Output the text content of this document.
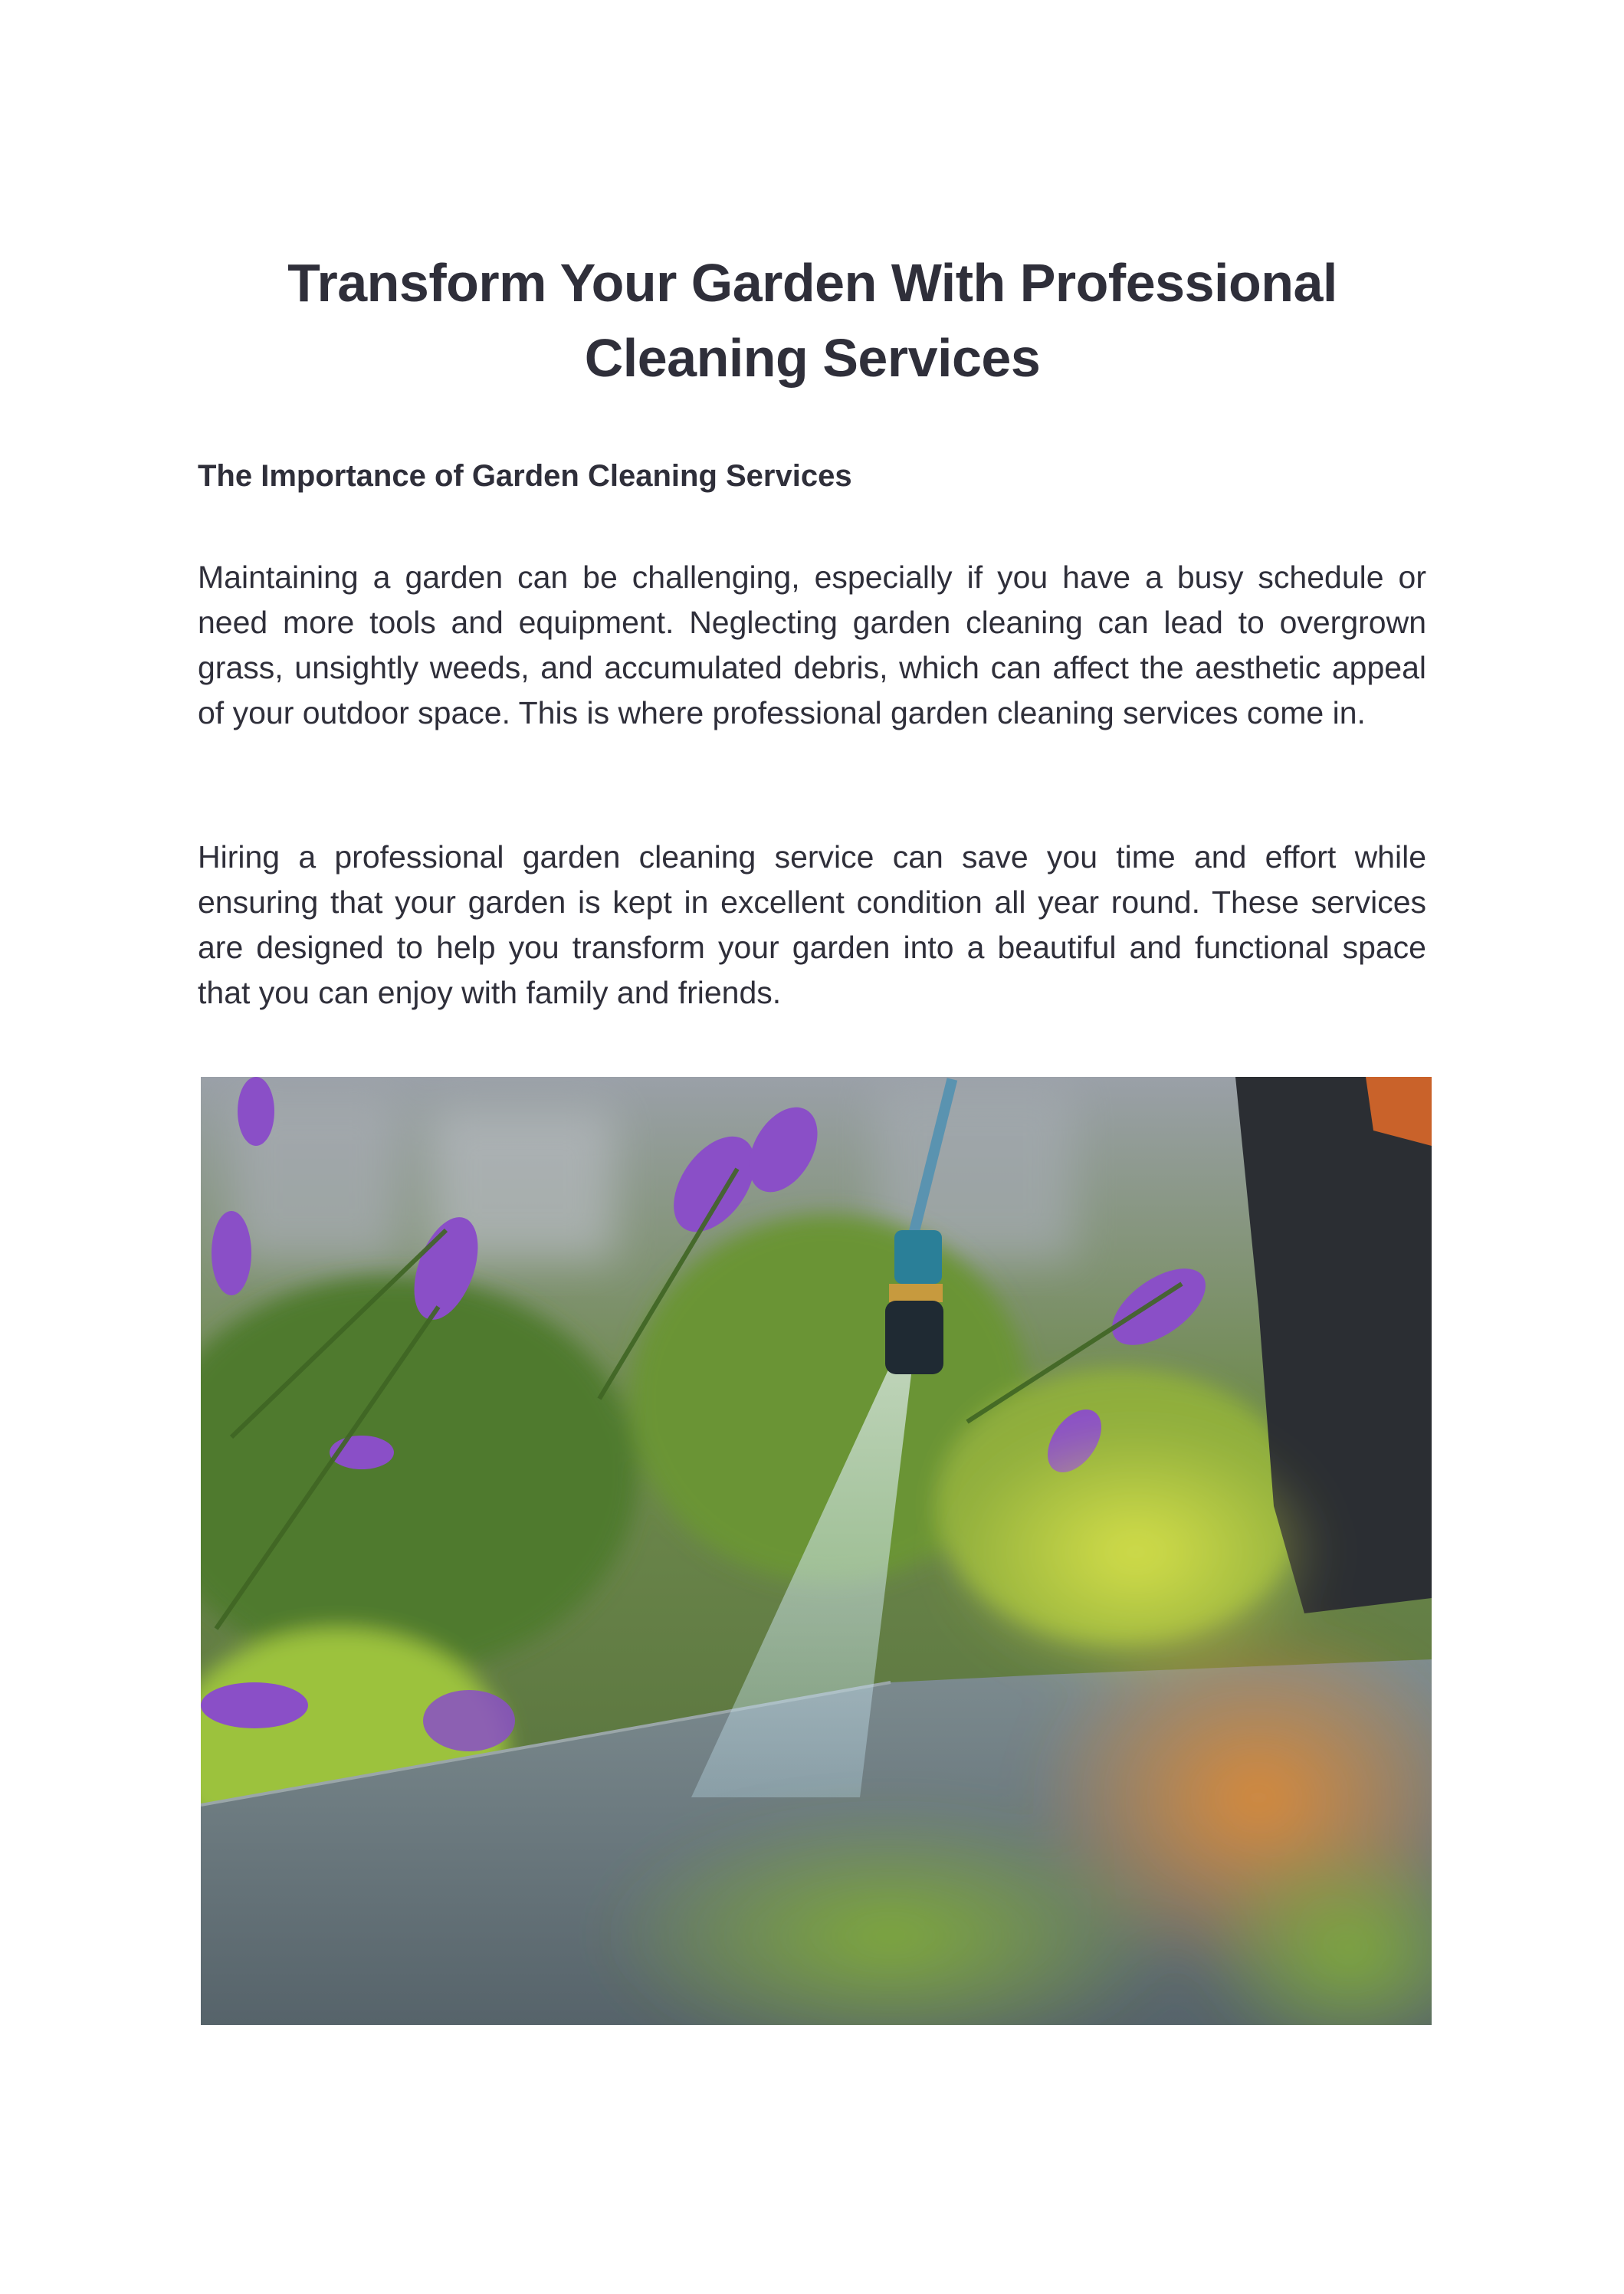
Transform Your Garden With Professional Cleaning Services
The Importance of Garden Cleaning Services

Maintaining a garden can be challenging, especially if you have a busy schedule or need more tools and equipment. Neglecting garden cleaning can lead to overgrown grass, unsightly weeds, and accumulated debris, which can affect the aesthetic appeal of your outdoor space. This is where professional garden cleaning services come in.

Hiring a professional garden cleaning service can save you time and effort while ensuring that your garden is kept in excellent condition all year round. These services are designed to help you transform your garden into a beautiful and functional space that you can enjoy with family and friends.
